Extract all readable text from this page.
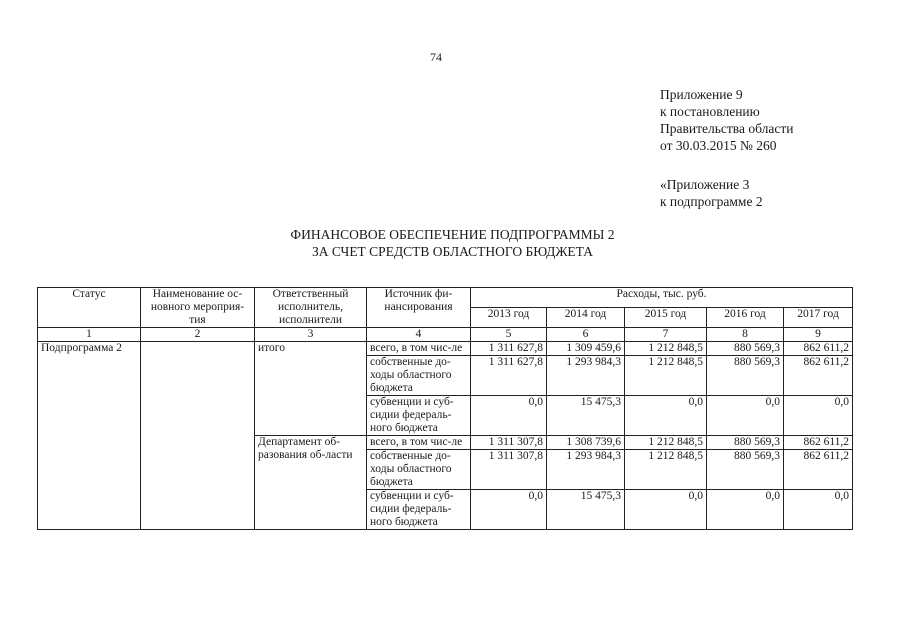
74
Приложение 9
к постановлению
Правительства области
от 30.03.2015 № 260
«Приложение 3
к подпрограмме 2
ФИНАНСОВОЕ ОБЕСПЕЧЕНИЕ ПОДПРОГРАММЫ 2
ЗА СЧЕТ СРЕДСТВ ОБЛАСТНОГО БЮДЖЕТА
Статус	Наименование ос-новного мероприя-тия	Ответственный исполнитель, исполнители	Источник фи-нансирования	Расходы, тыс. руб.				
				2013 год	2014 год	2015 год	2016 год	2017 год
1	2	3	4	5	6	7	8	9
Подпрограмма 2		итого	всего, в том чис-ле	1 311 627,8	1 309 459,6	1 212 848,5	880 569,3	862 611,2
			собственные до-ходы областного бюджета	1 311 627,8	1 293 984,3	1 212 848,5	880 569,3	862 611,2
			субвенции и суб-сидии федераль-ного бюджета	0,0	15 475,3	0,0	0,0	0,0
		Департамент об-разования об-ласти	всего, в том чис-ле	1 311 307,8	1 308 739,6	1 212 848,5	880 569,3	862 611,2
			собственные до-ходы областного бюджета	1 311 307,8	1 293 984,3	1 212 848,5	880 569,3	862 611,2
			субвенции и суб-сидии федераль-ного бюджета	0,0	15 475,3	0,0	0,0	0,0
